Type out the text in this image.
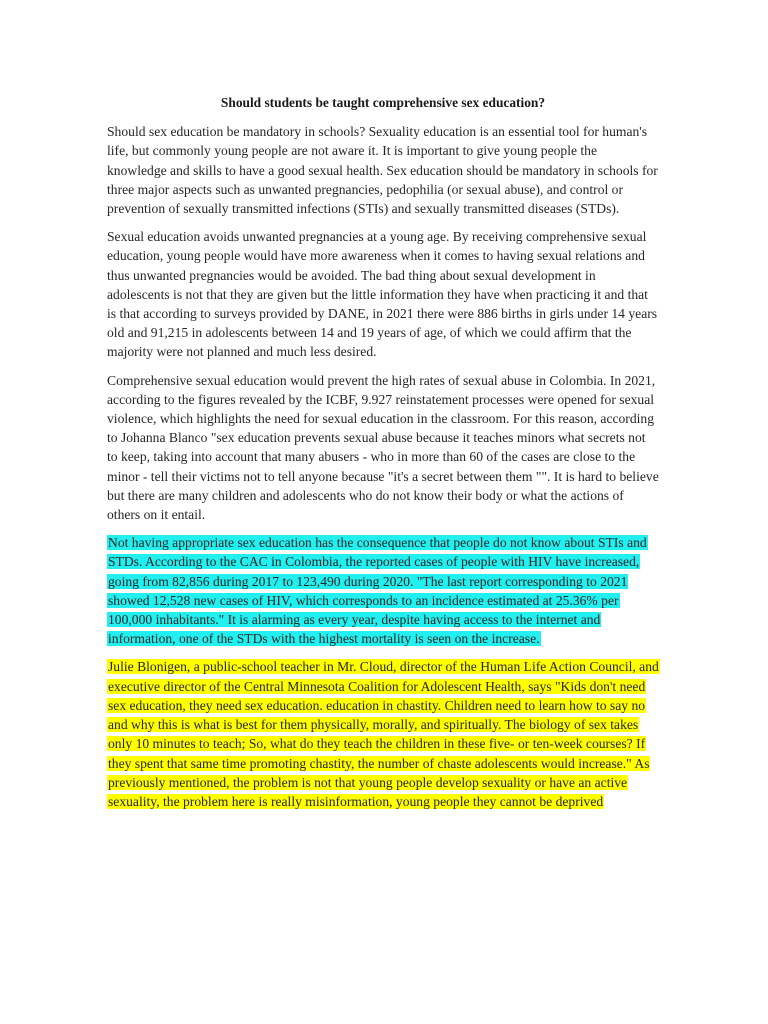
Should students be taught comprehensive sex education?

Should sex education be mandatory in schools? Sexuality education is an essential tool for human's life, but commonly young people are not aware it. It is important to give young people the knowledge and skills to have a good sexual health. Sex education should be mandatory in schools for three major aspects such as unwanted pregnancies, pedophilia (or sexual abuse), and control or prevention of sexually transmitted infections (STIs) and sexually transmitted diseases (STDs).

Sexual education avoids unwanted pregnancies at a young age. By receiving comprehensive sexual education, young people would have more awareness when it comes to having sexual relations and thus unwanted pregnancies would be avoided. The bad thing about sexual development in adolescents is not that they are given but the little information they have when practicing it and that is that according to surveys provided by DANE, in 2021 there were 886 births in girls under 14 years old and 91,215 in adolescents between 14 and 19 years of age, of which we could affirm that the majority were not planned and much less desired.

Comprehensive sexual education would prevent the high rates of sexual abuse in Colombia. In 2021, according to the figures revealed by the ICBF, 9.927 reinstatement processes were opened for sexual violence, which highlights the need for sexual education in the classroom. For this reason, according to Johanna Blanco "sex education prevents sexual abuse because it teaches minors what secrets not to keep, taking into account that many abusers - who in more than 60 of the cases are close to the minor - tell their victims not to tell anyone because "it's a secret between them "". It is hard to believe but there are many children and adolescents who do not know their body or what the actions of others on it entail.

Not having appropriate sex education has the consequence that people do not know about STIs and STDs. According to the CAC in Colombia, the reported cases of people with HIV have increased, going from 82,856 during 2017 to 123,490 during 2020. "The last report corresponding to 2021 showed 12,528 new cases of HIV, which corresponds to an incidence estimated at 25.36% per 100,000 inhabitants." It is alarming as every year, despite having access to the internet and information, one of the STDs with the highest mortality is seen on the increase.

Julie Blonigen, a public-school teacher in Mr. Cloud, director of the Human Life Action Council, and executive director of the Central Minnesota Coalition for Adolescent Health, says "Kids don't need sex education, they need sex education. education in chastity. Children need to learn how to say no and why this is what is best for them physically, morally, and spiritually. The biology of sex takes only 10 minutes to teach; So, what do they teach the children in these five- or ten-week courses? If they spent that same time promoting chastity, the number of chaste adolescents would increase." As previously mentioned, the problem is not that young people develop sexuality or have an active sexuality, the problem here is really misinformation, young people they cannot be deprived
